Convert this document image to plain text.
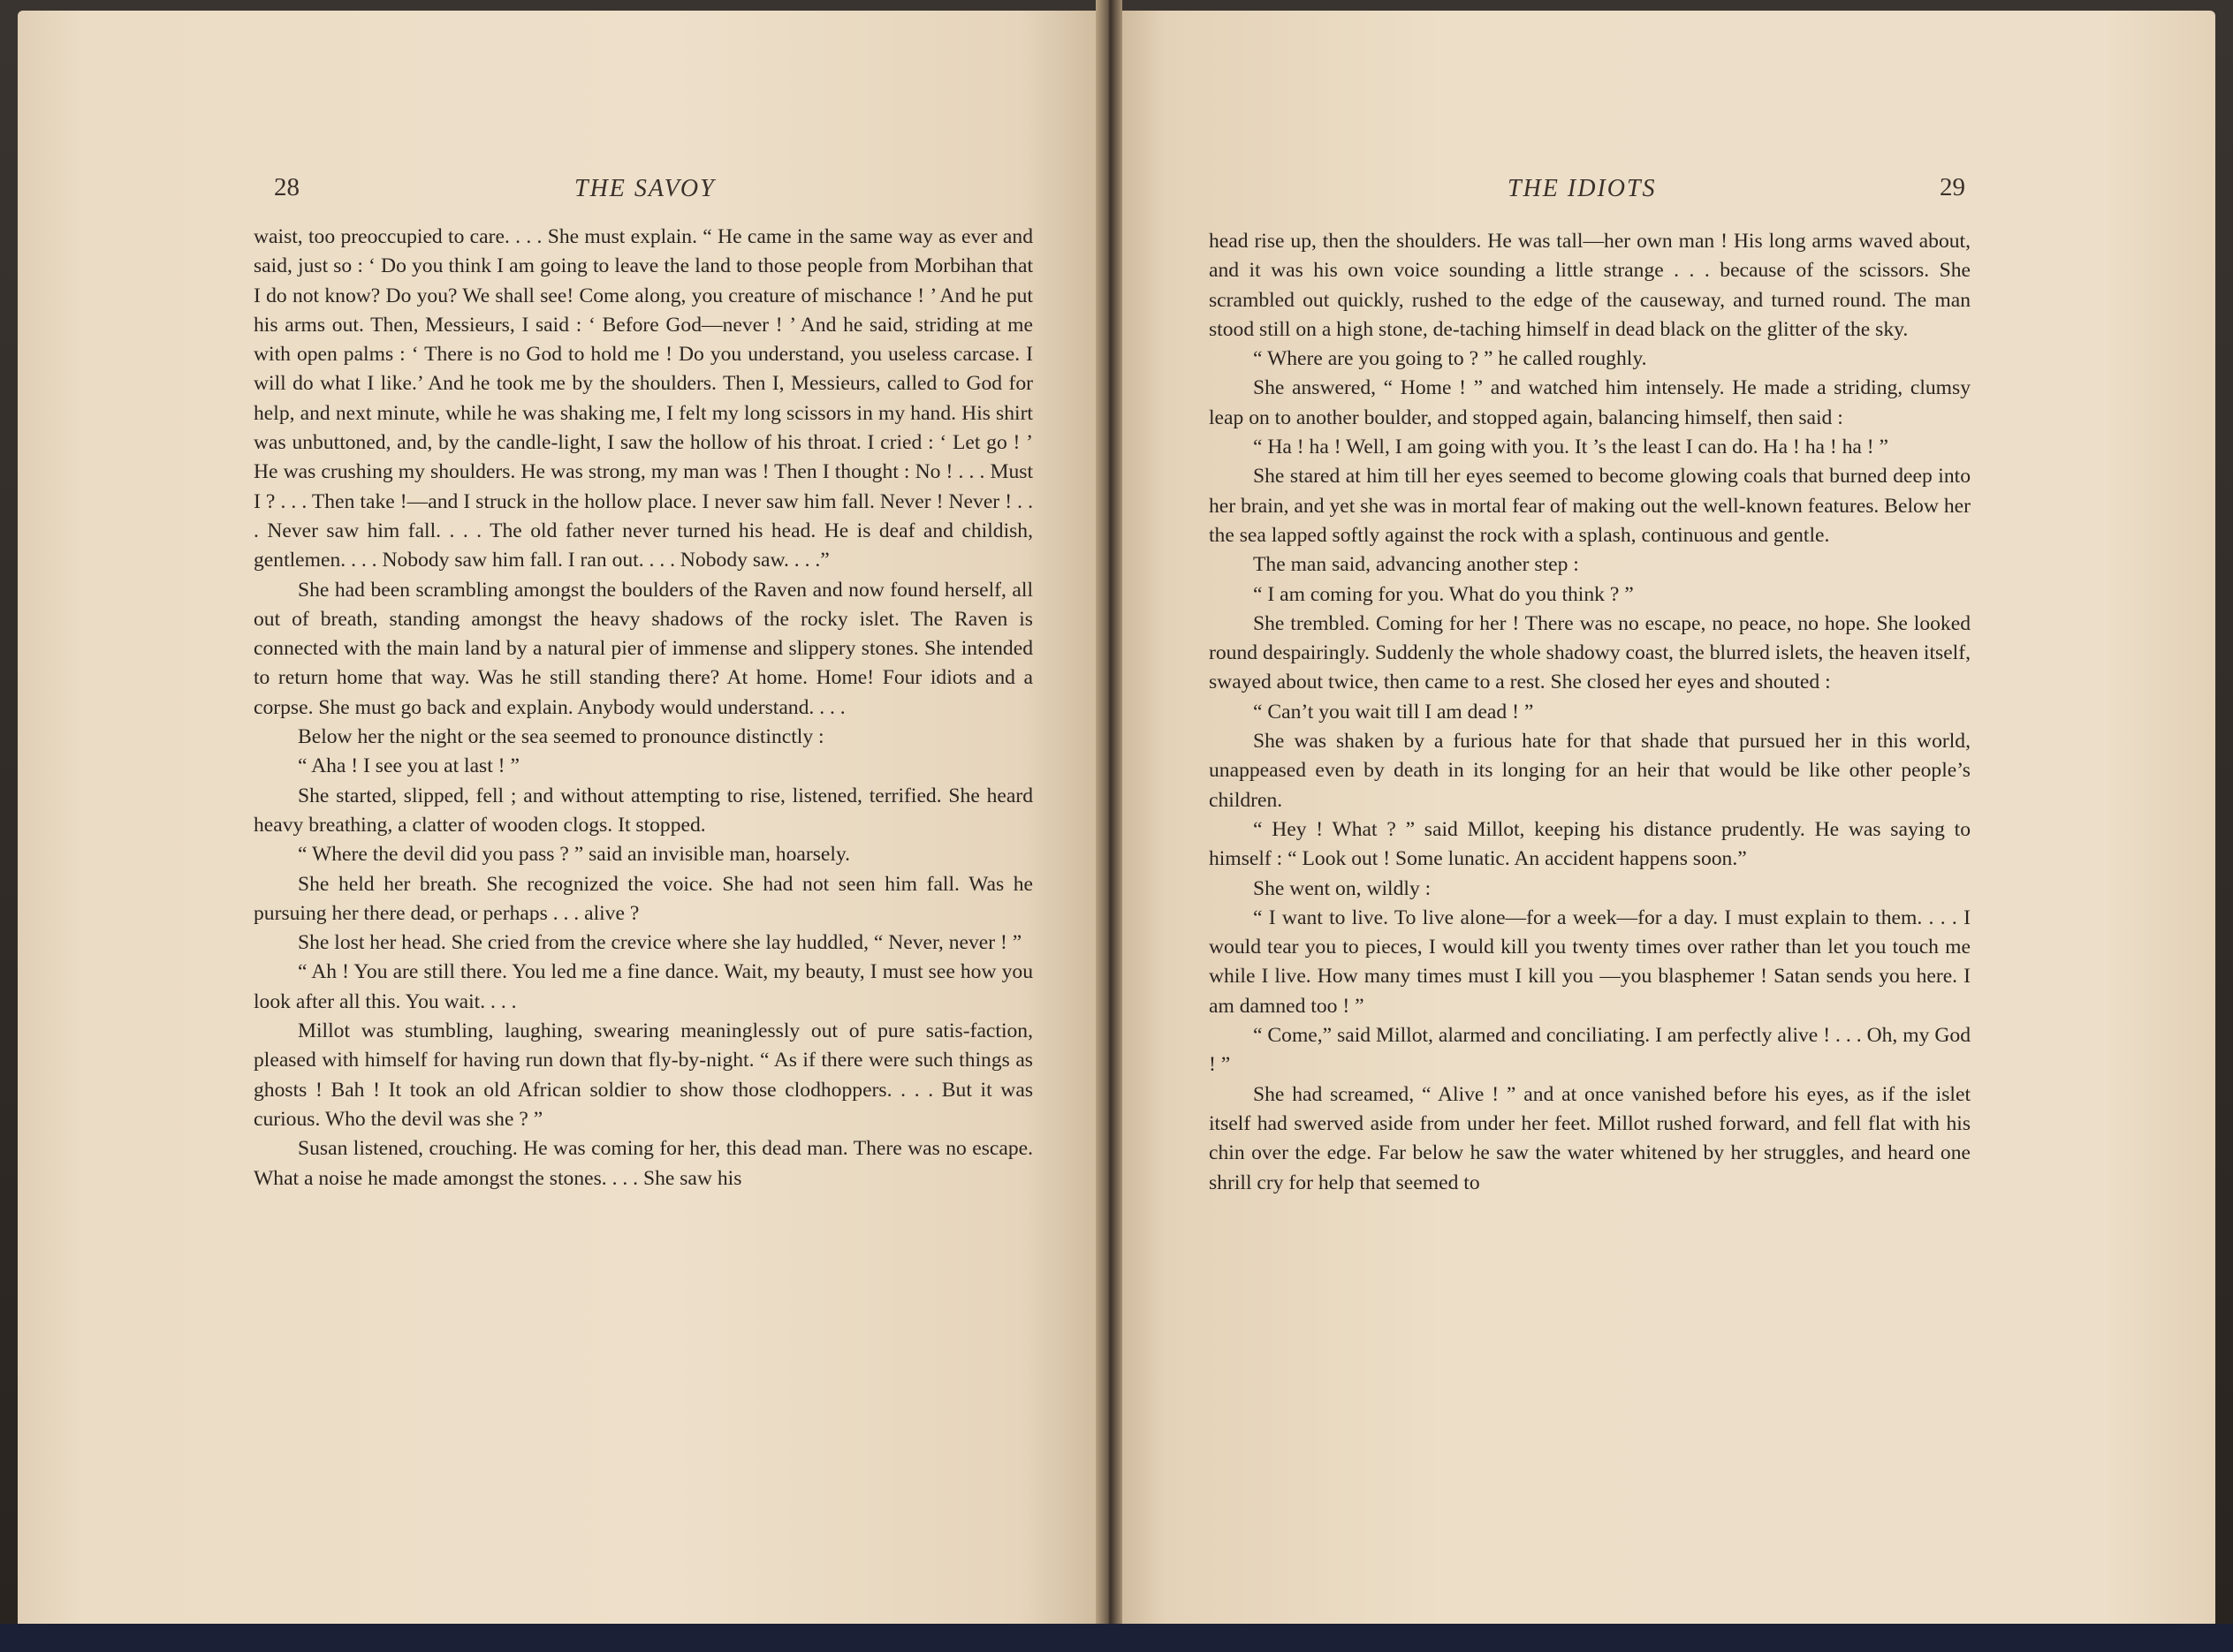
28	THE SAVOY	THE IDIOTS	29

waist, too preoccupied to care. . . . She must explain. “ He came in the same way as ever and said, just so : ‘ Do you think I am going to leave the land to those people from Morbihan that I do not know? Do you? We shall see! Come along, you creature of mischance ! ’ And he put his arms out. Then, Messieurs, I said : ‘ Before God—never ! ’ And he said, striding at me with open palms : ‘ There is no God to hold me ! Do you understand, you useless carcase. I will do what I like.’ And he took me by the shoulders. Then I, Messieurs, called to God for help, and next minute, while he was shaking me, I felt my long scissors in my hand. His shirt was unbuttoned, and, by the candle-light, I saw the hollow of his throat. I cried : ‘ Let go ! ’ He was crushing my shoulders. He was strong, my man was ! Then I thought : No ! . . . Must I ? . . . Then take !—and I struck in the hollow place. I never saw him fall. Never ! Never ! . . . Never saw him fall. . . . The old father never turned his head. He is deaf and childish, gentlemen. . . . Nobody saw him fall. I ran out. . . . Nobody saw. . . .”

She had been scrambling amongst the boulders of the Raven and now found herself, all out of breath, standing amongst the heavy shadows of the rocky islet. The Raven is connected with the main land by a natural pier of immense and slippery stones. She intended to return home that way. Was he still standing there? At home. Home! Four idiots and a corpse. She must go back and explain. Anybody would understand. . . .

Below her the night or the sea seemed to pronounce distinctly :

“ Aha ! I see you at last ! ”

She started, slipped, fell ; and without attempting to rise, listened, terrified. She heard heavy breathing, a clatter of wooden clogs. It stopped.

“ Where the devil did you pass ? ” said an invisible man, hoarsely.

She held her breath. She recognized the voice. She had not seen him fall. Was he pursuing her there dead, or perhaps . . . alive ?

She lost her head. She cried from the crevice where she lay huddled, “ Never, never ! ”

“ Ah ! You are still there. You led me a fine dance. Wait, my beauty, I must see how you look after all this. You wait. . . .

Millot was stumbling, laughing, swearing meaninglessly out of pure satis-faction, pleased with himself for having run down that fly-by-night. “ As if there were such things as ghosts ! Bah ! It took an old African soldier to show those clodhoppers. . . . But it was curious. Who the devil was she ? ”

Susan listened, crouching. He was coming for her, this dead man. There was no escape. What a noise he made amongst the stones. . . . She saw his

head rise up, then the shoulders. He was tall—her own man ! His long arms waved about, and it was his own voice sounding a little strange . . . because of the scissors. She scrambled out quickly, rushed to the edge of the causeway, and turned round. The man stood still on a high stone, de-taching himself in dead black on the glitter of the sky.

“ Where are you going to ? ” he called roughly.

She answered, “ Home ! ” and watched him intensely. He made a striding, clumsy leap on to another boulder, and stopped again, balancing himself, then said :

“ Ha ! ha ! Well, I am going with you. It ’s the least I can do. Ha ! ha ! ha ! ”

She stared at him till her eyes seemed to become glowing coals that burned deep into her brain, and yet she was in mortal fear of making out the well-known features. Below her the sea lapped softly against the rock with a splash, continuous and gentle.

The man said, advancing another step :

“ I am coming for you. What do you think ? ”

She trembled. Coming for her ! There was no escape, no peace, no hope. She looked round despairingly. Suddenly the whole shadowy coast, the blurred islets, the heaven itself, swayed about twice, then came to a rest. She closed her eyes and shouted :

“ Can’t you wait till I am dead ! ”

She was shaken by a furious hate for that shade that pursued her in this world, unappeased even by death in its longing for an heir that would be like other people’s children.

“ Hey ! What ? ” said Millot, keeping his distance prudently. He was saying to himself : “ Look out ! Some lunatic. An accident happens soon.”

She went on, wildly :

“ I want to live. To live alone—for a week—for a day. I must explain to them. . . . I would tear you to pieces, I would kill you twenty times over rather than let you touch me while I live. How many times must I kill you —you blasphemer ! Satan sends you here. I am damned too ! ”

“ Come,” said Millot, alarmed and conciliating. I am perfectly alive ! . . . Oh, my God ! ”

She had screamed, “ Alive ! ” and at once vanished before his eyes, as if the islet itself had swerved aside from under her feet. Millot rushed forward, and fell flat with his chin over the edge. Far below he saw the water whitened by her struggles, and heard one shrill cry for help that seemed to
